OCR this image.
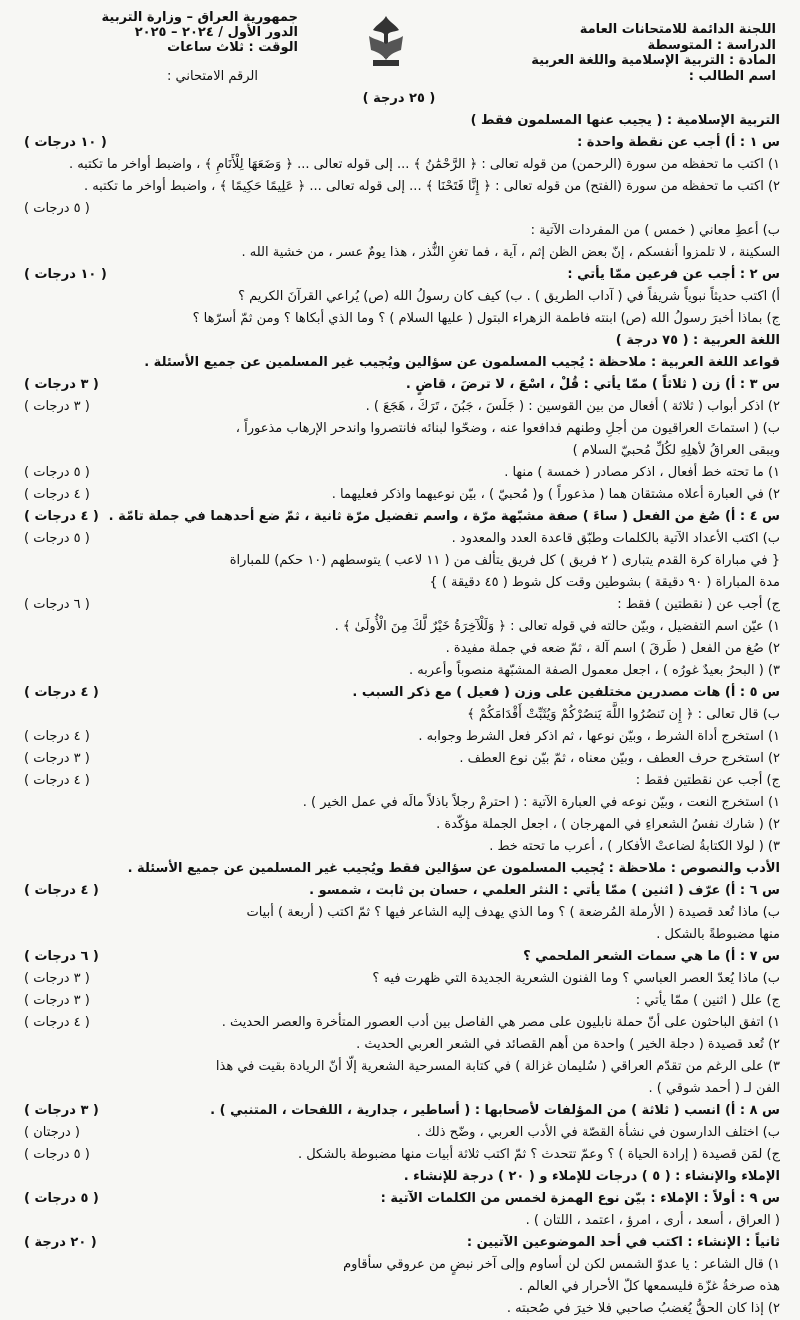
اللجنة الدائمة للامتحانات العامة
الدراسة : المتوسطة
المادة : التربية الإسلامية واللغة العربية
اسم الطالب :
جمهورية العراق – وزارة التربية
الدور الأول / ٢٠٢٤ – ٢٠٢٥
الوقت : ثلاث ساعات
الرقم الامتحاني :
( ٢٥ درجة )
التربية الإسلامية : ( يجيب عنها المسلمون فقط )
س ١ : أ) أجب عن نقطة واحدة :
( ١٠ درجات )
١) اكتب ما تحفظه من سورة (الرحمن) من قوله تعالى : ﴿ الرَّحْمَٰنُ ﴾ ... إلى قوله تعالى ... ﴿ وَضَعَهَا لِلْأَنَامِ ﴾ ، واضبط أواخر ما تكتبه .
٢) اكتب ما تحفظه من سورة (الفتح) من قوله تعالى : ﴿ إِنَّا فَتَحْنَا ﴾ ... إلى قوله تعالى ... ﴿ عَلِيمًا حَكِيمًا ﴾ ، واضبط أواخر ما تكتبه .
( ٥ درجات )
ب) أعطِ معاني ( خمس ) من المفردات الآتية :
السكينة ، لا تلمزوا أنفسكم ، إنّ بعض الظن إثم ، آية ، فما تغنِ النُّذر ، هذا يومٌ عسر ، من خشية الله .
س ٢ : أجب عن فرعين ممّا يأتي :
( ١٠ درجات )
أ) اكتب حديثاً نبوياً شريفاً في ( آداب الطريق ) . ب) كيف كان رسولُ الله (ص) يُراعي القرآنَ الكريم ؟
ج) بماذا أخبرَ رسولُ الله (ص) ابنته فاطمة الزهراء البتول ( عليها السلام ) ؟ وما الذي أبكاها ؟ ومن ثمّ أسرّها ؟
اللغة العربية : ( ٧٥ درجة )
قواعد اللغة العربية : ملاحظة : يُجيب المسلمون عن سؤالين ويُجيب غير المسلمين عن جميع الأسئلة .
س ٣ : أ) زن ( ثلاثاً ) ممّا يأتي : قُلْ ، اسْعَ ، لا ترضَ ، قاضٍ .
( ٣ درجات )
٢) اذكر أبواب ( ثلاثة ) أفعال من بين القوسين : ( جَلَسَ ، جَبُنَ ، تَرَكَ ، هَجَعَ ) .
( ٣ درجات )
ب) ( استماتَ العراقيون من أجلِ وطنهم فدافعوا عنه ، وضحّوا لبنائه فانتصروا واندحر الإرهاب مذعوراً ،
ويبقى العراقُ لأهلِهِ لكُلِّ مُحبيّ السلام )
١) ما تحته خط أفعال ، اذكر مصادر ( خمسة ) منها .
( ٥ درجات )
٢) في العبارة أعلاه مشتقان هما ( مذعوراً ) و( مُحبيّ ) ، بيّن نوعيهما واذكر فعليهما .
( ٤ درجات )
س ٤ : أ) صُغ من الفعل ( ساءَ ) صفة مشبّهة مرّة ، واسم تفضيل مرّة ثانية ، ثمّ ضع أحدهما في جملة تامّة .
( ٤ درجات )
ب) اكتب الأعداد الآتية بالكلمات وطبّق قاعدة العدد والمعدود .
( ٥ درجات )
{ في مباراة كرة القدم يتبارى ( ٢ فريق ) كل فريق يتألف من ( ١١ لاعب ) يتوسطهم (١٠ حكم) للمباراة
مدة المباراة ( ٩٠ دقيقة ) بشوطين وقت كل شوط ( ٤٥ دقيقة ) }
ج) أجب عن ( نقطتين ) فقط :
( ٦ درجات )
١) عيّن اسم التفضيل ، وبيّن حالته في قوله تعالى : ﴿ وَلَلْآخِرَةُ خَيْرٌ لَّكَ مِنَ الْأُولَىٰ ﴾ .
٢) صُغ من الفعل ( طَرقَ ) اسم آلة ، ثمّ ضعه في جملة مفيدة .
٣) ( البحرُ بعيدٌ غورُه ) ، اجعل معمول الصفة المشبّهة منصوباً وأعربه .
س ٥ : أ) هات مصدرين مختلفين على وزن ( فعيل ) مع ذكر السبب .
( ٤ درجات )
ب) قال تعالى : ﴿ إِن تَنصُرُوا اللَّهَ يَنصُرْكُمْ وَيُثَبِّتْ أَقْدَامَكُمْ ﴾
١) استخرج أداة الشرط ، وبيّن نوعها ، ثم اذكر فعل الشرط وجوابه .
( ٤ درجات )
٢) استخرج حرف العطف ، وبيّن معناه ، ثمّ بيّن نوع العطف .
( ٣ درجات )
ج) أجب عن نقطتين فقط :
( ٤ درجات )
١) استخرج النعت ، وبيّن نوعه في العبارة الآتية : ( احترمْ رجلاً باذلاً مالَه في عمل الخير ) .
٢) ( شارك نفسُ الشعراءِ في المهرجان ) ، اجعل الجملة مؤكّدة .
٣) ( لولا الكتابةُ لضاعتْ الأفكار ) ، أعرب ما تحته خط .
الأدب والنصوص : ملاحظة : يُجيب المسلمون عن سؤالين فقط ويُجيب غير المسلمين عن جميع الأسئلة .
س ٦ : أ) عرّف ( اثنين ) ممّا يأتي : النثر العلمي ، حسان بن ثابت ، شمسو .
( ٤ درجات )
ب) ماذا تُعد قصيدة ( الأرملة المُرضعة ) ؟ وما الذي يهدف إليه الشاعر فيها ؟ ثمّ اكتب ( أربعة ) أبيات
منها مضبوطةً بالشكل .
س ٧ : أ) ما هي سمات الشعر الملحمي ؟
( ٦ درجات )
ب) ماذا يُعدّ العصر العباسي ؟ وما الفنون الشعرية الجديدة التي ظهرت فيه ؟
( ٣ درجات )
ج) علل ( اثنين ) ممّا يأتي :
( ٣ درجات )
١) اتفق الباحثون على أنّ حملة نابليون على مصر هي الفاصل بين أدب العصور المتأخرة والعصر الحديث .
( ٤ درجات )
٢) تُعد قصيدة ( دجلة الخير ) واحدة من أهم القصائد في الشعر العربي الحديث .
٣) على الرغم من تقدّم العراقي ( سُليمان غزالة ) في كتابة المسرحية الشعرية إلّا أنّ الريادة بقيت في هذا
الفن لـ ( أحمد شوقي ) .
س ٨ : أ) انسب ( ثلاثة ) من المؤلفات لأصحابها : ( أساطير ، جدارية ، اللفحات ، المتنبي ) .
( ٣ درجات )
ب) اختلف الدارسون في نشأة القصّة في الأدب العربي ، وضّح ذلك .
( درجتان )
ج) لمَن قصيدة ( إرادة الحياة ) ؟ وعمّ تتحدث ؟ ثمّ اكتب ثلاثة أبيات منها مضبوطة بالشكل .
( ٥ درجات )
الإملاء والإنشاء : ( ٥ ) درجات للإملاء و ( ٢٠ ) درجة للإنشاء .
س ٩ : أولاً : الإملاء : بيّن نوع الهمزة لخمس من الكلمات الآتية :
( ٥ درجات )
( العراق ، أسعد ، أرى ، امرؤ ، اعتمد ، اللتان ) .
ثانياً : الإنشاء : اكتب في أحد الموضوعين الآتيين :
( ٢٠ درجة )
١) قال الشاعر : يا عدوّ الشمس لكن لن أساوم وإلى آخر نبضٍ من عروقي سأقاوم
هذه صرخةُ غزّة فليسمعها كلّ الأحرار في العالم .
٢) إذا كان الحقُّ يُغضبُ صاحبي فلا خيرَ في صُحبته .
